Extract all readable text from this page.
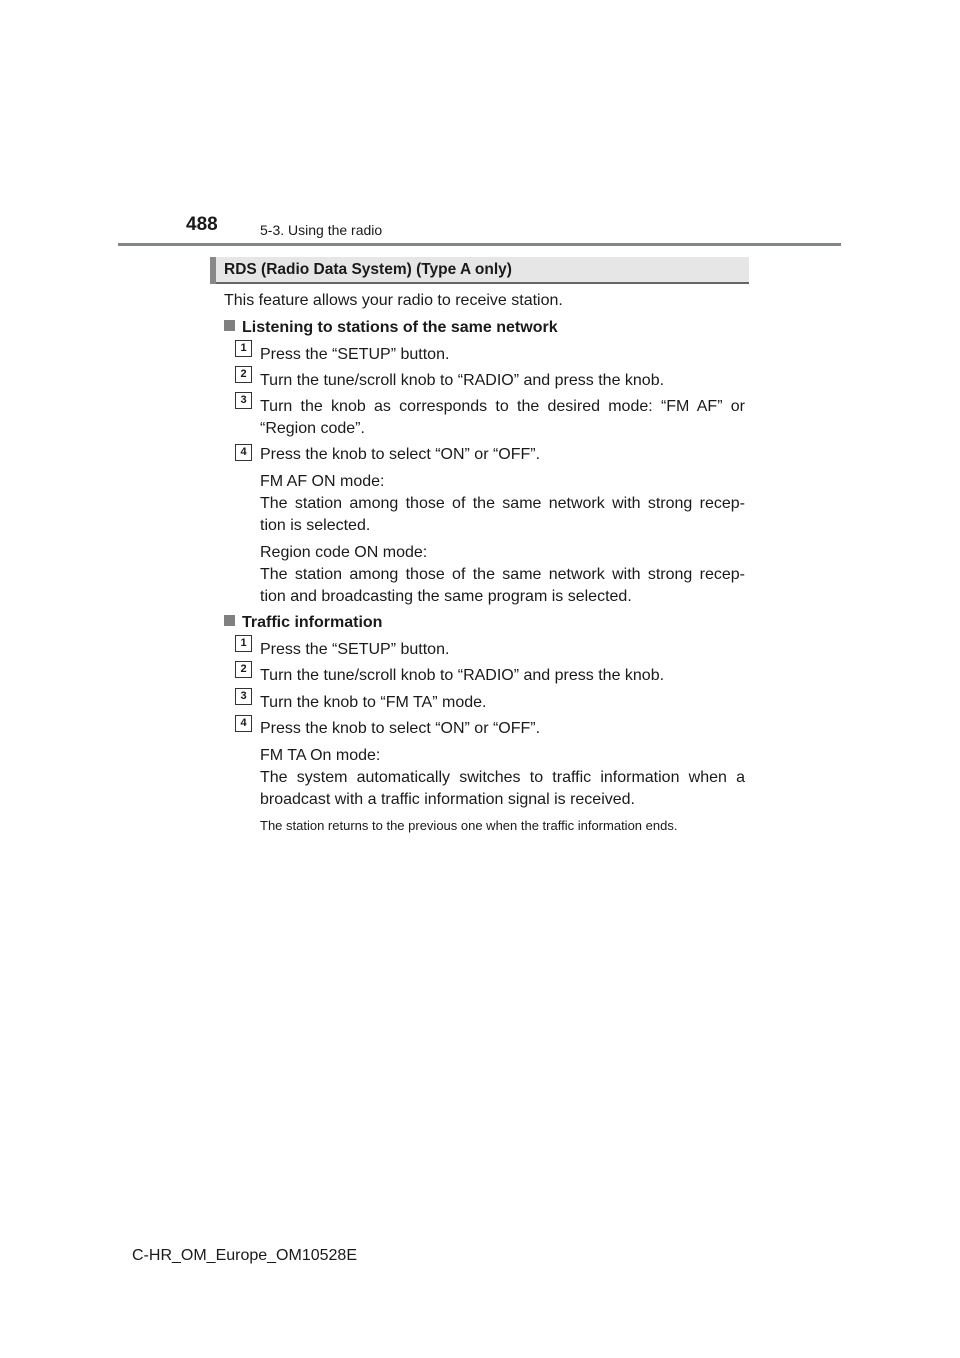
488	5-3. Using the radio
RDS (Radio Data System) (Type A only)
This feature allows your radio to receive station.
Listening to stations of the same network
1 Press the “SETUP” button.
2 Turn the tune/scroll knob to “RADIO” and press the knob.
3 Turn the knob as corresponds to the desired mode: “FM AF” or
“Region code”.
4 Press the knob to select “ON” or “OFF”.
FM AF ON mode:
The station among those of the same network with strong recep-
tion is selected.
Region code ON mode:
The station among those of the same network with strong recep-
tion and broadcasting the same program is selected.
Traffic information
1 Press the “SETUP” button.
2 Turn the tune/scroll knob to “RADIO” and press the knob.
3 Turn the knob to “FM TA” mode.
4 Press the knob to select “ON” or “OFF”.
FM TA On mode:
The system automatically switches to traffic information when a
broadcast with a traffic information signal is received.
The station returns to the previous one when the traffic information ends.
C-HR_OM_Europe_OM10528E
